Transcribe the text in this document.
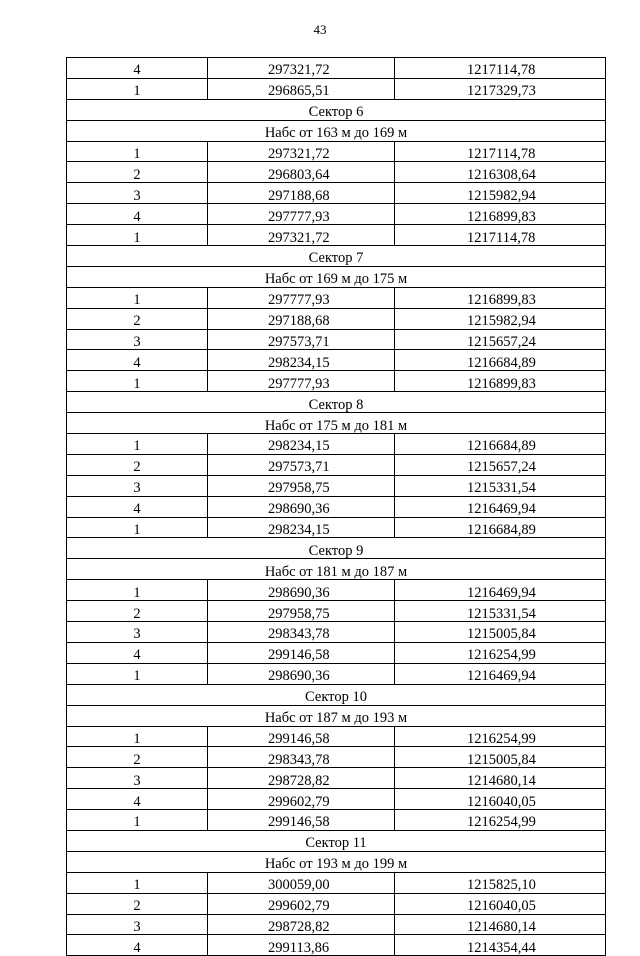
43
4	297321,72	1217114,78
1	296865,51	1217329,73
Сектор 6		
Набс от 163 м до 169 м		
1	297321,72	1217114,78
2	296803,64	1216308,64
3	297188,68	1215982,94
4	297777,93	1216899,83
1	297321,72	1217114,78
Сектор 7		
Набс от 169 м до 175 м		
1	297777,93	1216899,83
2	297188,68	1215982,94
3	297573,71	1215657,24
4	298234,15	1216684,89
1	297777,93	1216899,83
Сектор 8		
Набс от 175 м до 181 м		
1	298234,15	1216684,89
2	297573,71	1215657,24
3	297958,75	1215331,54
4	298690,36	1216469,94
1	298234,15	1216684,89
Сектор 9		
Набс от 181 м до 187 м		
1	298690,36	1216469,94
2	297958,75	1215331,54
3	298343,78	1215005,84
4	299146,58	1216254,99
1	298690,36	1216469,94
Сектор 10		
Набс от 187 м до 193 м		
1	299146,58	1216254,99
2	298343,78	1215005,84
3	298728,82	1214680,14
4	299602,79	1216040,05
1	299146,58	1216254,99
Сектор 11		
Набс от 193 м до 199 м		
1	300059,00	1215825,10
2	299602,79	1216040,05
3	298728,82	1214680,14
4	299113,86	1214354,44
